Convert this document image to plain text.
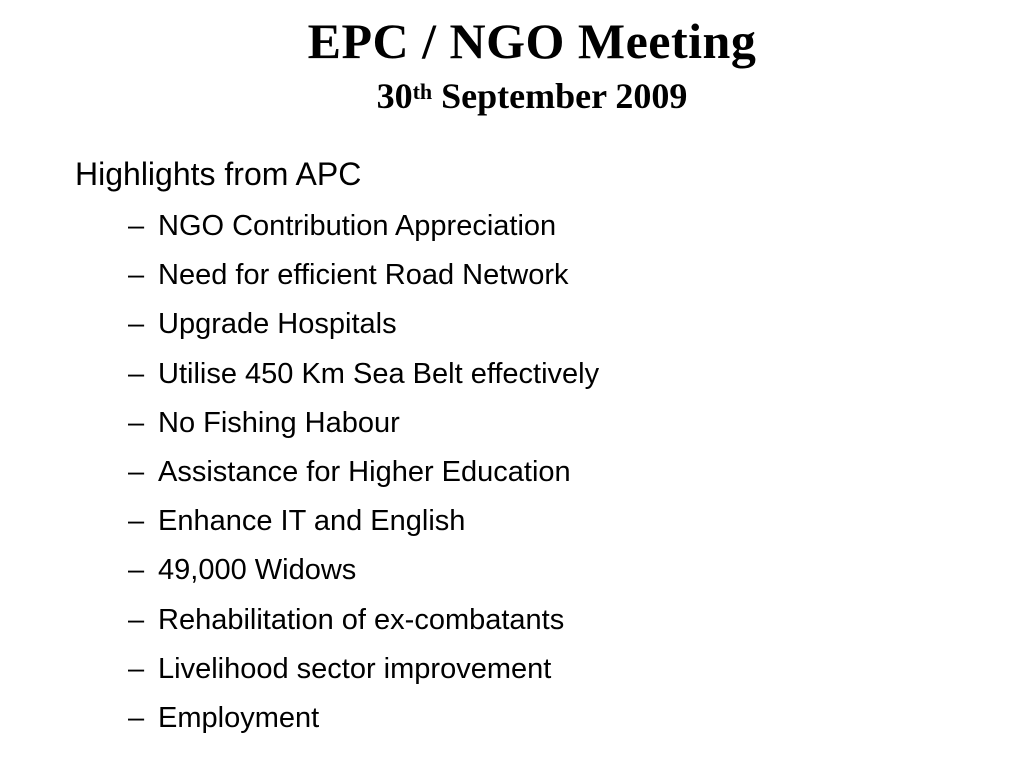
EPC / NGO Meeting
30th September 2009
Highlights from APC
– NGO Contribution Appreciation
– Need for efficient Road Network
– Upgrade Hospitals
– Utilise 450 Km Sea Belt effectively
– No Fishing Habour
– Assistance for Higher Education
– Enhance IT and English
– 49,000 Widows
– Rehabilitation of ex-combatants
– Livelihood sector improvement
– Employment
